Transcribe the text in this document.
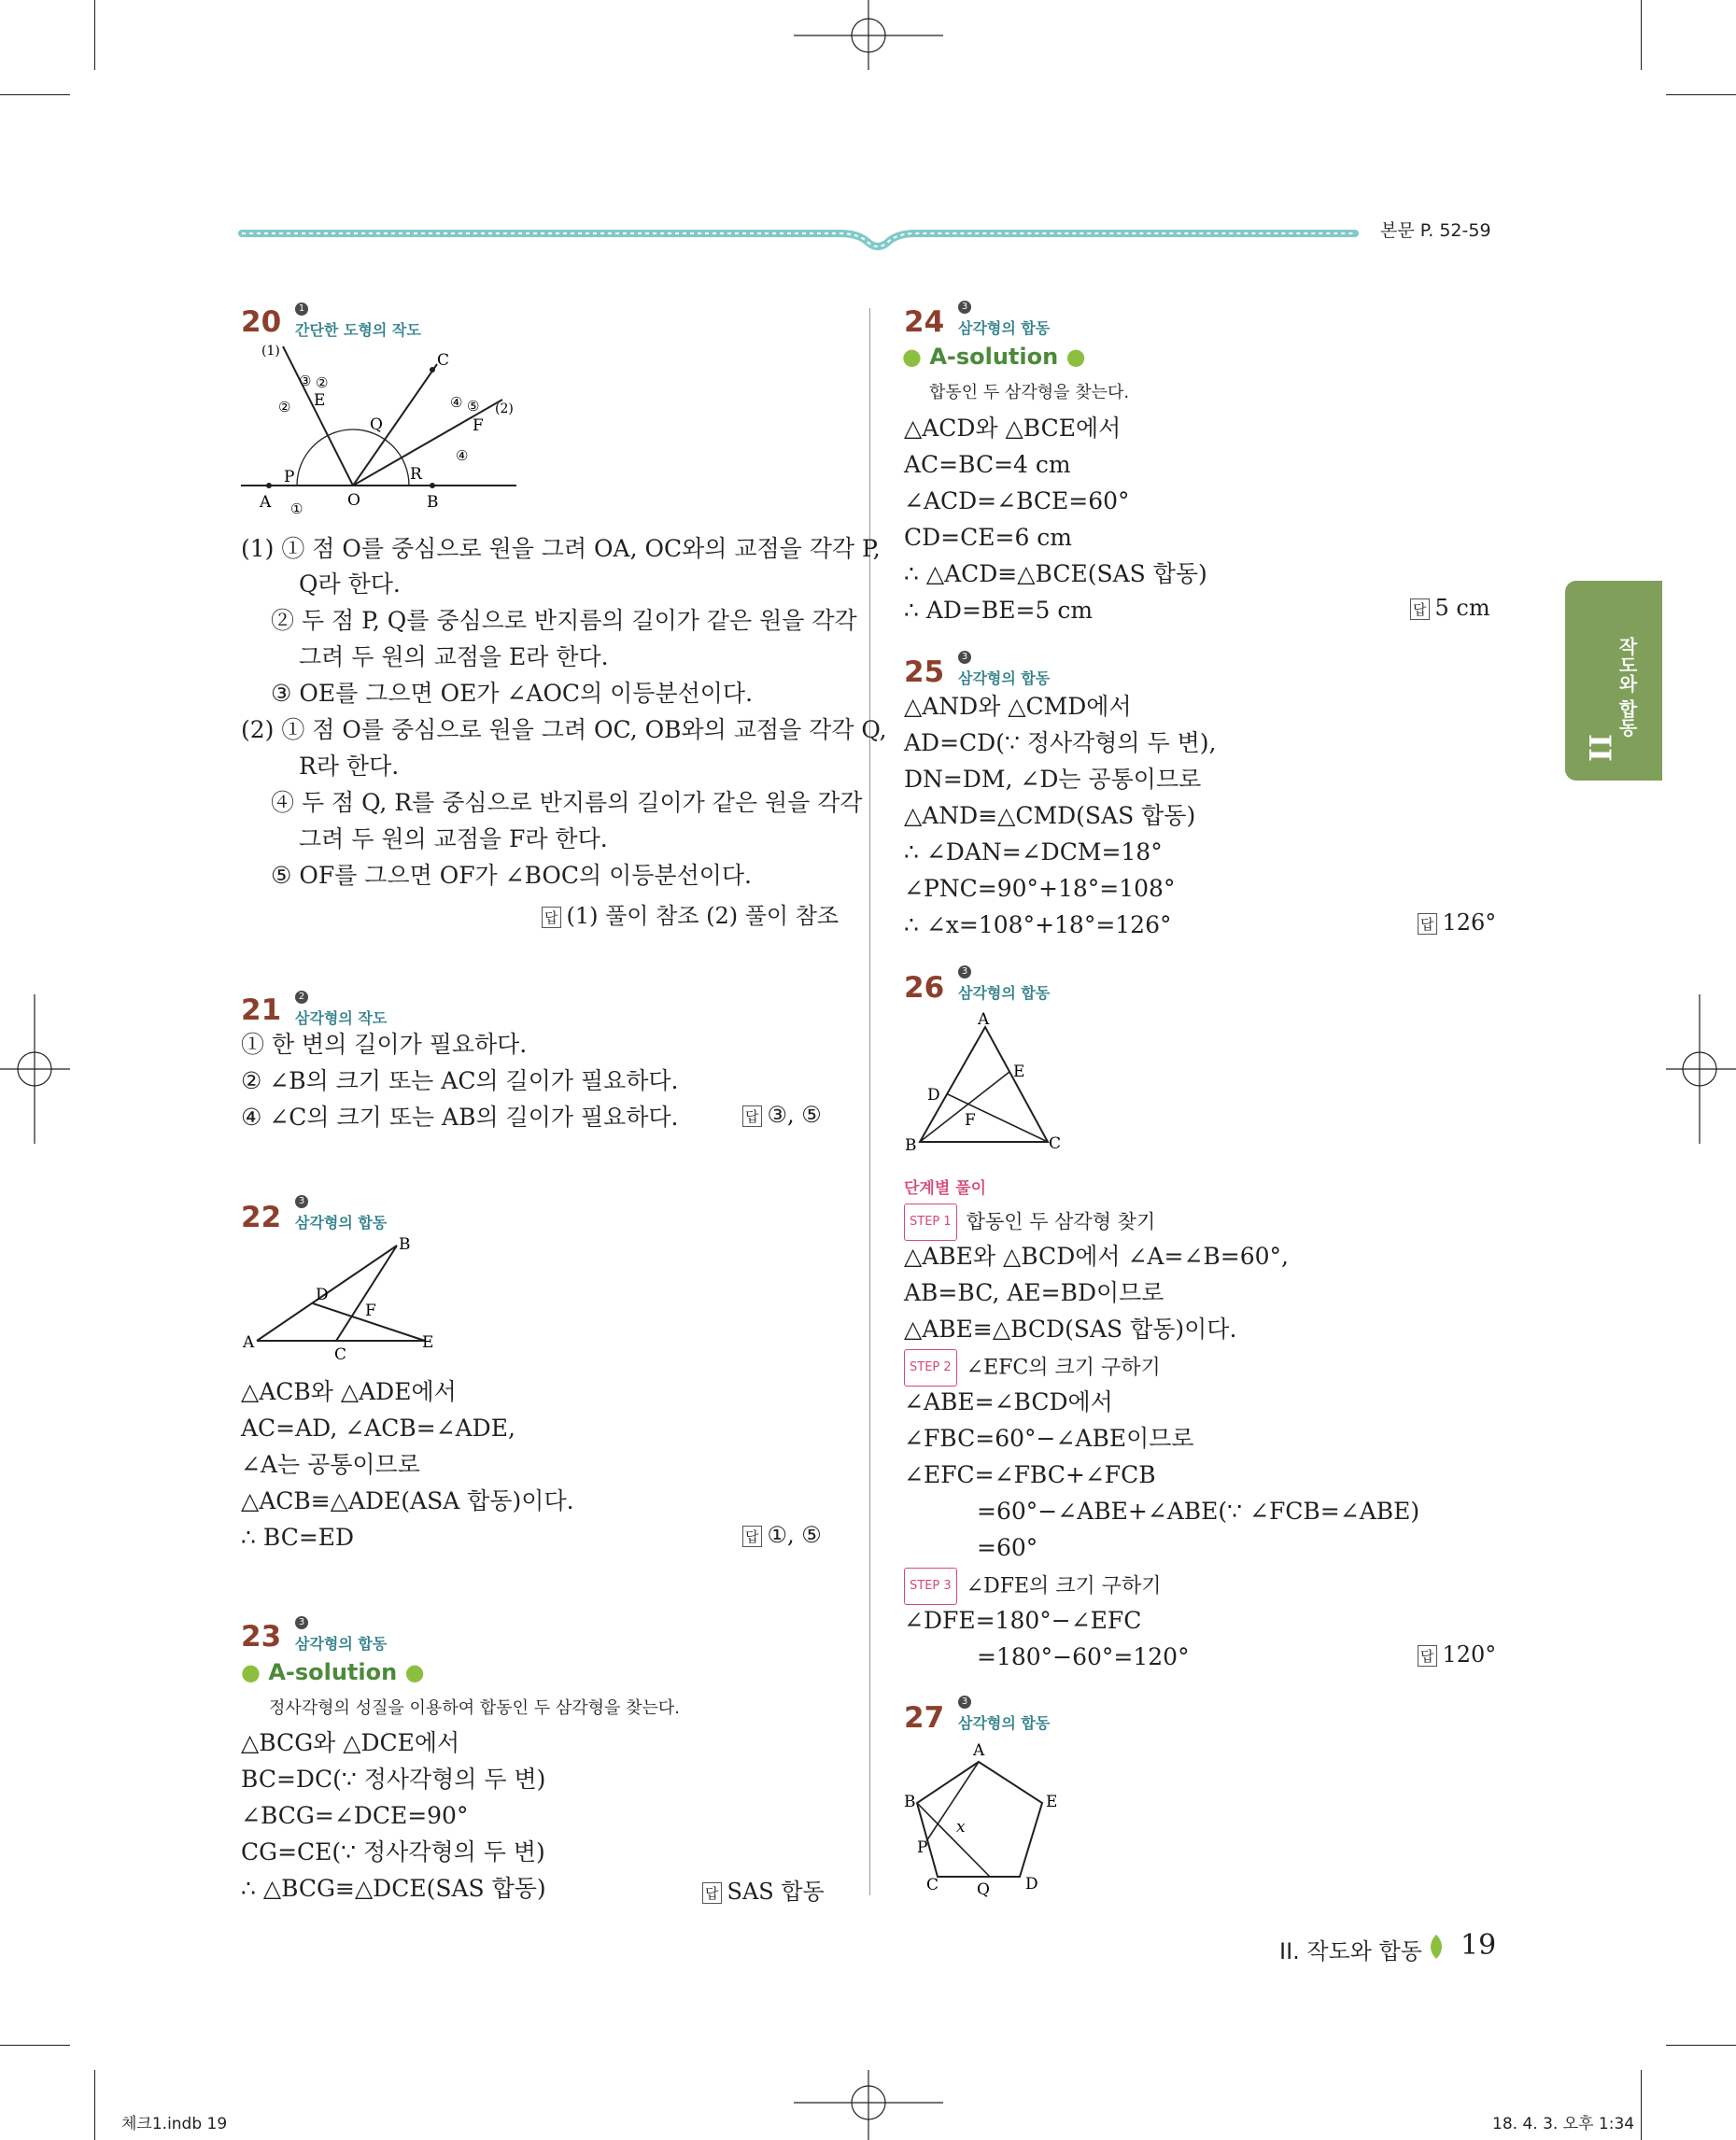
본문 P. 52-59
작도와 합동
II
20	1
간단한 도형의 작도
(1)
③ ②
E
②
Q
C
④ ⑤ (2)
F
④
P	R
A	O	B
①
(1) ① 점 O를 중심으로 원을 그려 OA, OC와의 교점을 각각 P,
Q라 한다.
② 두 점 P, Q를 중심으로 반지름의 길이가 같은 원을 각각
그려 두 원의 교점을 E라 한다.
③ OE를 그으면 OE가 ∠AOC의 이등분선이다.
(2) ① 점 O를 중심으로 원을 그려 OC, OB와의 교점을 각각 Q,
R라 한다.
④ 두 점 Q, R를 중심으로 반지름의 길이가 같은 원을 각각
그려 두 원의 교점을 F라 한다.
⑤ OF를 그으면 OF가 ∠BOC의 이등분선이다.
답 (1) 풀이 참조 (2) 풀이 참조
21	2
삼각형의 작도
① 한 변의 길이가 필요하다.
② ∠B의 크기 또는 AC의 길이가 필요하다.
④ ∠C의 크기 또는 AB의 길이가 필요하다.	답 ③, ⑤
22	3
삼각형의 합동
A
B
C
D
E
F
△ACB와 △ADE에서
AC=AD, ∠ACB=∠ADE,
∠A는 공통이므로
△ACB≡△ADE(ASA 합동)이다.
∴ BC=ED	답 ①, ⑤
23	3
삼각형의 합동
● A-solution ●
정사각형의 성질을 이용하여 합동인 두 삼각형을 찾는다.
△BCG와 △DCE에서
BC=DC(∵ 정사각형의 두 변)
∠BCG=∠DCE=90°
CG=CE(∵ 정사각형의 두 변)
∴ △BCG≡△DCE(SAS 합동)	답 SAS 합동
24	3
삼각형의 합동
● A-solution ●
합동인 두 삼각형을 찾는다.
△ACD와 △BCE에서
AC=BC=4 cm
∠ACD=∠BCE=60°
CD=CE=6 cm
∴ △ACD≡△BCE(SAS 합동)
∴ AD=BE=5 cm	답 5 cm
25	3
삼각형의 합동
△AND와 △CMD에서
AD=CD(∵ 정사각형의 두 변),
DN=DM, ∠D는 공통이므로
△AND≡△CMD(SAS 합동)
∴ ∠DAN=∠DCM=18°
∠PNC=90°+18°=108°
∴ ∠x=108°+18°=126°	답 126°
26	3
삼각형의 합동
A
B	C
D
E
F
단계별 풀이
STEP 1 합동인 두 삼각형 찾기
△ABE와 △BCD에서 ∠A=∠B=60°,
AB=BC, AE=BD이므로
△ABE≡△BCD(SAS 합동)이다.
STEP 2 ∠EFC의 크기 구하기
∠ABE=∠BCD에서
∠FBC=60°−∠ABE이므로
∠EFC=∠FBC+∠FCB
=60°−∠ABE+∠ABE(∵ ∠FCB=∠ABE)
=60°
STEP 3 ∠DFE의 크기 구하기
∠DFE=180°−∠EFC
=180°−60°=120°	답 120°
27	3
삼각형의 합동
A
B	E
P
x
C Q D
II. 작도와 합동 19
체크1.indb 19	18. 4. 3. 오후 1:34
